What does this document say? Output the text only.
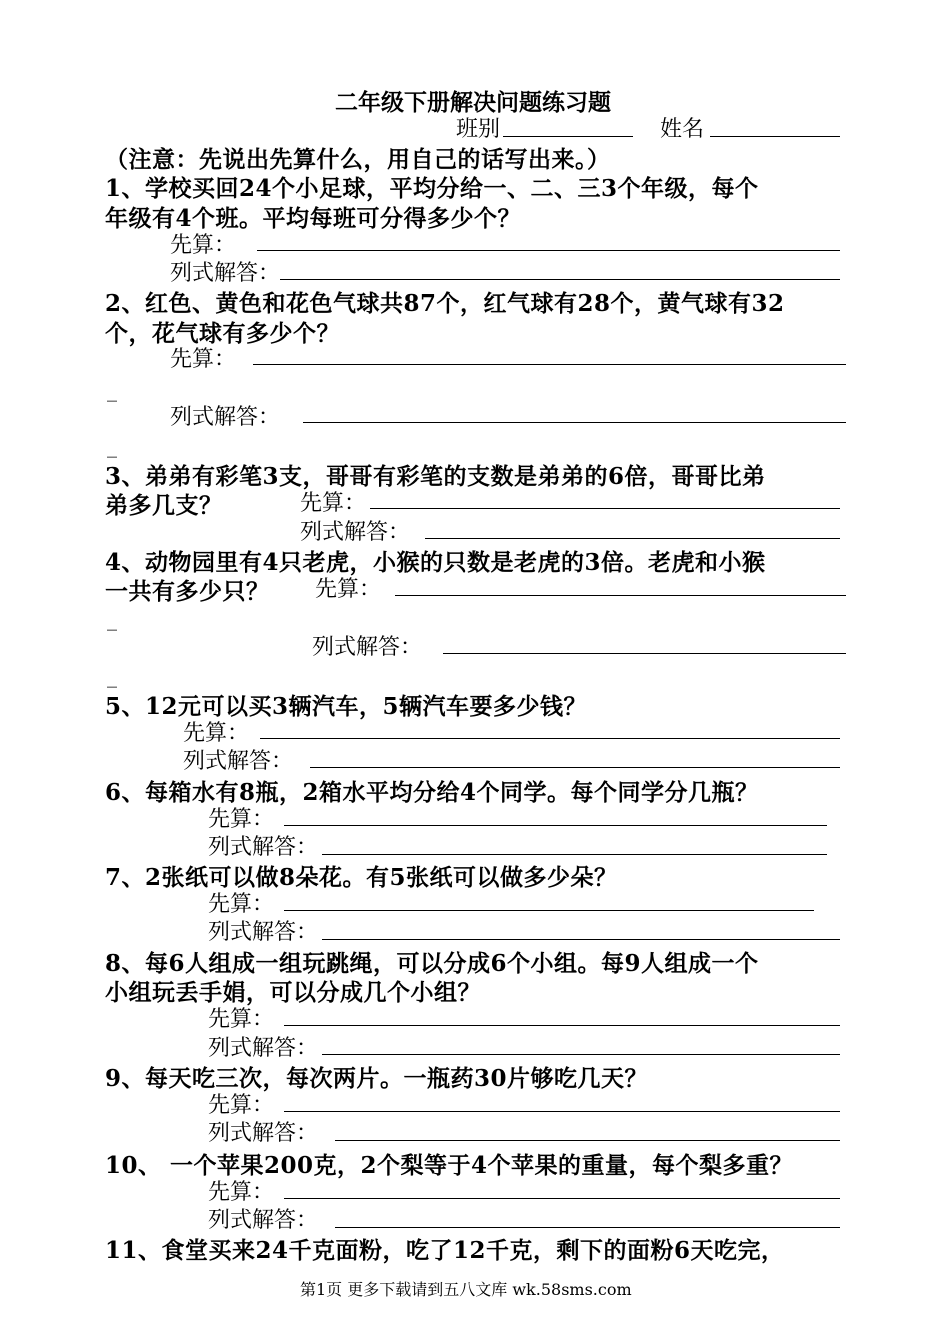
二年级下册解决问题练习题
班别	姓名
（注意：先说出先算什么，用自己的话写出来。）
1、学校买回24个小足球，平均分给一、二、三3个年级，每个
年级有4个班。平均每班可分得多少个？
先算：
列式解答：
2、红色、黄色和花色气球共87个，红气球有28个，黄气球有32
个，花气球有多少个？
先算：
_
列式解答：
_
3、弟弟有彩笔3支，哥哥有彩笔的支数是弟弟的6倍，哥哥比弟
弟多几支？	先算：
列式解答：
4、动物园里有4只老虎，小猴的只数是老虎的3倍。老虎和小猴
一共有多少只？ 先算：
_
列式解答：
_
5、12元可以买3辆汽车，5辆汽车要多少钱？
先算：
列式解答：
6、每箱水有8瓶，2箱水平均分给4个同学。每个同学分几瓶？
先算：
列式解答：
7、2张纸可以做8朵花。有5张纸可以做多少朵？
先算：
列式解答：
8、每6人组成一组玩跳绳，可以分成6个小组。每9人组成一个
小组玩丢手娟，可以分成几个小组？
先算：
列式解答：
9、每天吃三次，每次两片。一瓶药30片够吃几天？
先算：
列式解答：
10、 一个苹果200克，2个梨等于4个苹果的重量，每个梨多重？
先算：
列式解答：
11、食堂买来24千克面粉，吃了12千克，剩下的面粉6天吃完，
第1页 更多下载请到五八文库 wk.58sms.com
